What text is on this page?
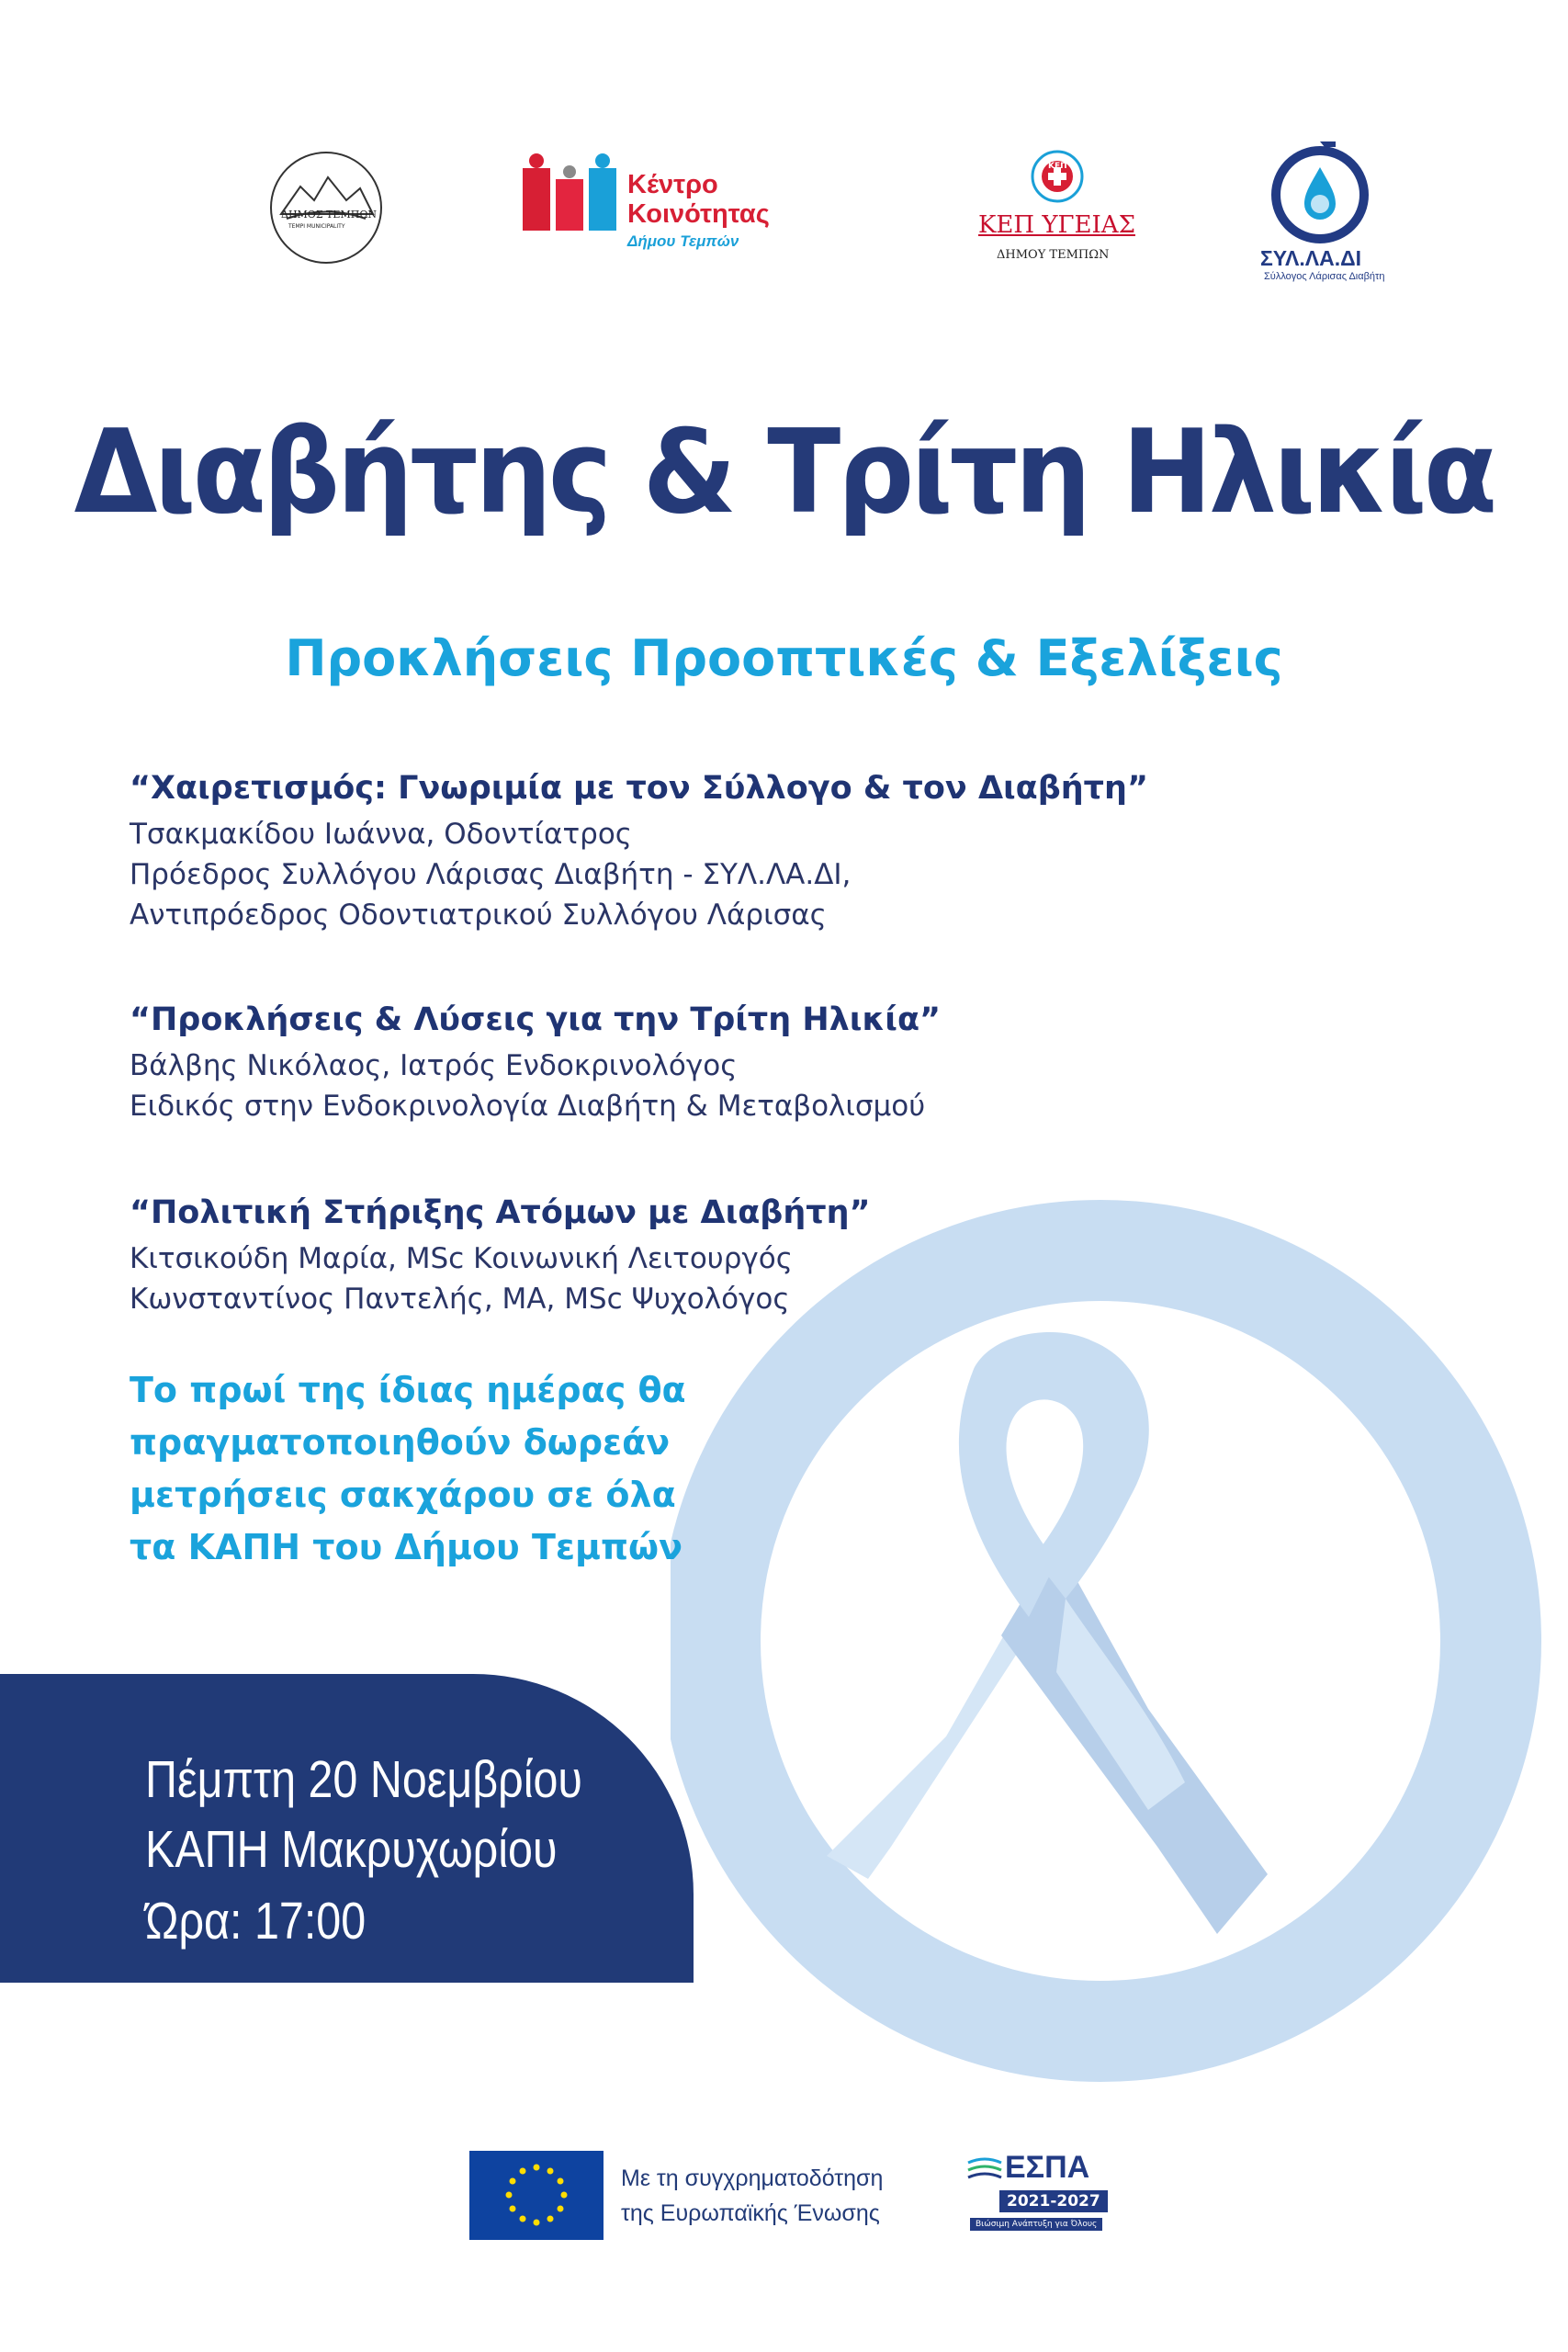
ΔΗΜΟΣ ΤΕΜΠΩΝ
TEMPI MUNICIPALITY
Κέντρο
Κοινότητας
Δήμου Τεμπών
ΚΕΠ
ΚΕΠ ΥΓΕΙΑΣ
ΔΗΜΟΥ ΤΕΜΠΩΝ	ΣΥΛ.ΛΑ.ΔΙ
Σύλλογος Λάρισας Διαβήτη
Διαβήτης & Τρίτη Ηλικία
Προκλήσεις Προοπτικές & Εξελίξεις
“Χαιρετισμός: Γνωριμία με τον Σύλλογο & τον Διαβήτη”
Τσακμακίδου Ιωάννα, Οδοντίατρος
Πρόεδρος Συλλόγου Λάρισας Διαβήτη - ΣΥΛ.ΛΑ.ΔΙ,
Αντιπρόεδρος Οδοντιατρικού Συλλόγου Λάρισας
“Προκλήσεις & Λύσεις για την Τρίτη Ηλικία”
Βάλβης Νικόλαος, Ιατρός Ενδοκρινολόγος
Ειδικός στην Ενδοκρινολογία Διαβήτη & Μεταβολισμού
“Πολιτική Στήριξης Ατόμων με Διαβήτη”
Κιτσικούδη Μαρία, MSc Κοινωνική Λειτουργός
Κωνσταντίνος Παντελής, ΜΑ, MSc Ψυχολόγος
Το πρωί της ίδιας ημέρας θα
πραγματοποιηθούν δωρεάν
μετρήσεις σακχάρου σε όλα
τα ΚΑΠΗ του Δήμου Τεμπών
Πέμπτη 20 Νοεμβρίου
ΚΑΠΗ Μακρυχωρίου
Ώρα: 17:00
Με τη συγχρηματοδότηση
της Ευρωπαϊκής Ένωσης
ΕΣΠΑ
2021-2027
Βιώσιμη Ανάπτυξη για Όλους
